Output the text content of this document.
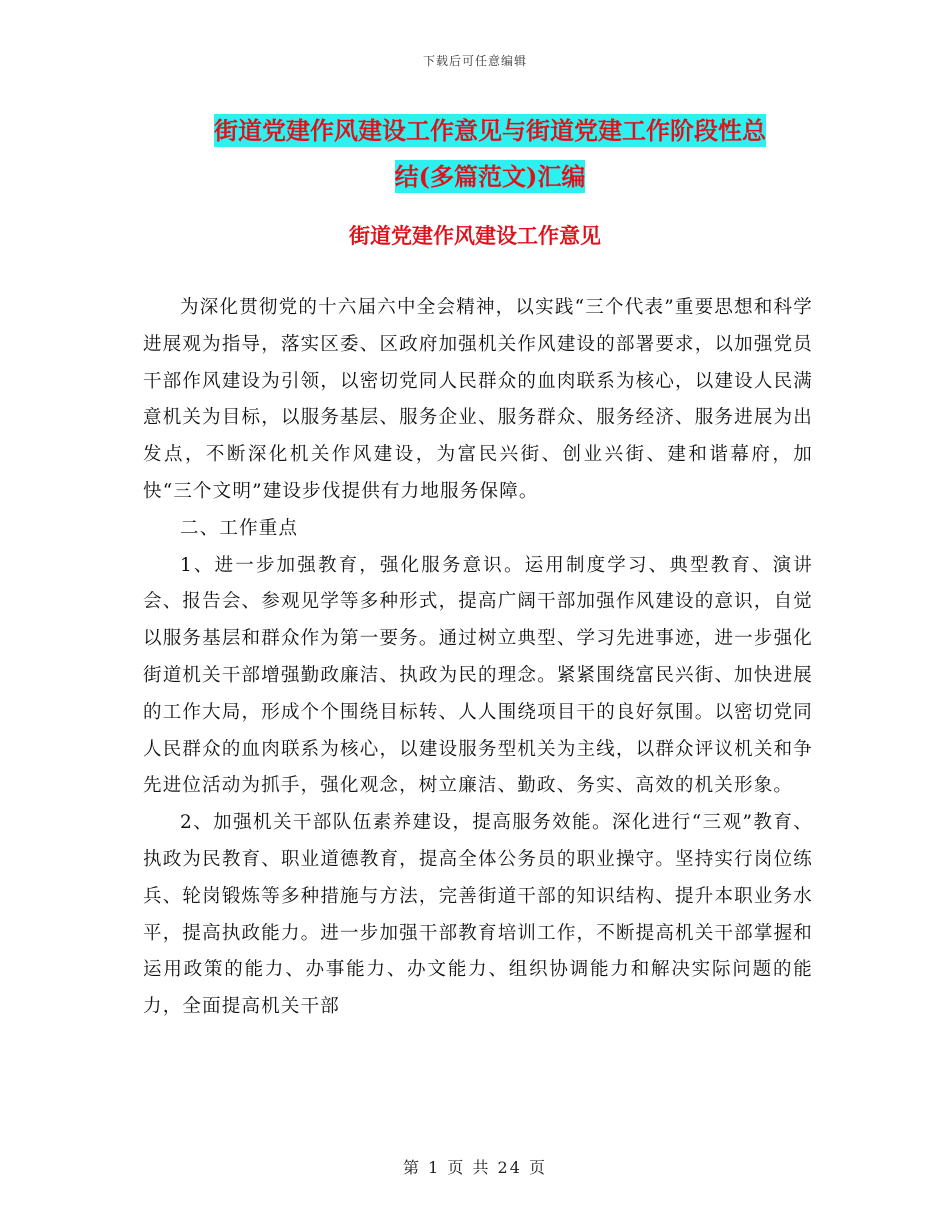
下载后可任意编辑
街道党建作风建设工作意见与街道党建工作阶段性总
结(多篇范文)汇编
街道党建作风建设工作意见

为深化贯彻党的十六届六中全会精神，以实践“三个代表”重要思想和科学进展观为指导，落实区委、区政府加强机关作风建设的部署要求，以加强党员干部作风建设为引领，以密切党同人民群众的血肉联系为核心，以建设人民满意机关为目标，以服务基层、服务企业、服务群众、服务经济、服务进展为出发点，不断深化机关作风建设，为富民兴街、创业兴街、建和谐幕府，加快“三个文明”建设步伐提供有力地服务保障。

二、工作重点

1、进一步加强教育，强化服务意识。运用制度学习、典型教育、演讲会、报告会、参观见学等多种形式，提高广阔干部加强作风建设的意识，自觉以服务基层和群众作为第一要务。通过树立典型、学习先进事迹，进一步强化街道机关干部增强勤政廉洁、执政为民的理念。紧紧围绕富民兴街、加快进展的工作大局，形成个个围绕目标转、人人围绕项目干的良好氛围。以密切党同人民群众的血肉联系为核心，以建设服务型机关为主线，以群众评议机关和争先进位活动为抓手，强化观念，树立廉洁、勤政、务实、高效的机关形象。

2、加强机关干部队伍素养建设，提高服务效能。深化进行“三观”教育、执政为民教育、职业道德教育，提高全体公务员的职业操守。坚持实行岗位练兵、轮岗锻炼等多种措施与方法，完善街道干部的知识结构、提升本职业务水平，提高执政能力。进一步加强干部教育培训工作，不断提高机关干部掌握和运用政策的能力、办事能力、办文能力、组织协调能力和解决实际问题的能力，全面提高机关干部

第 1 页 共 24 页
